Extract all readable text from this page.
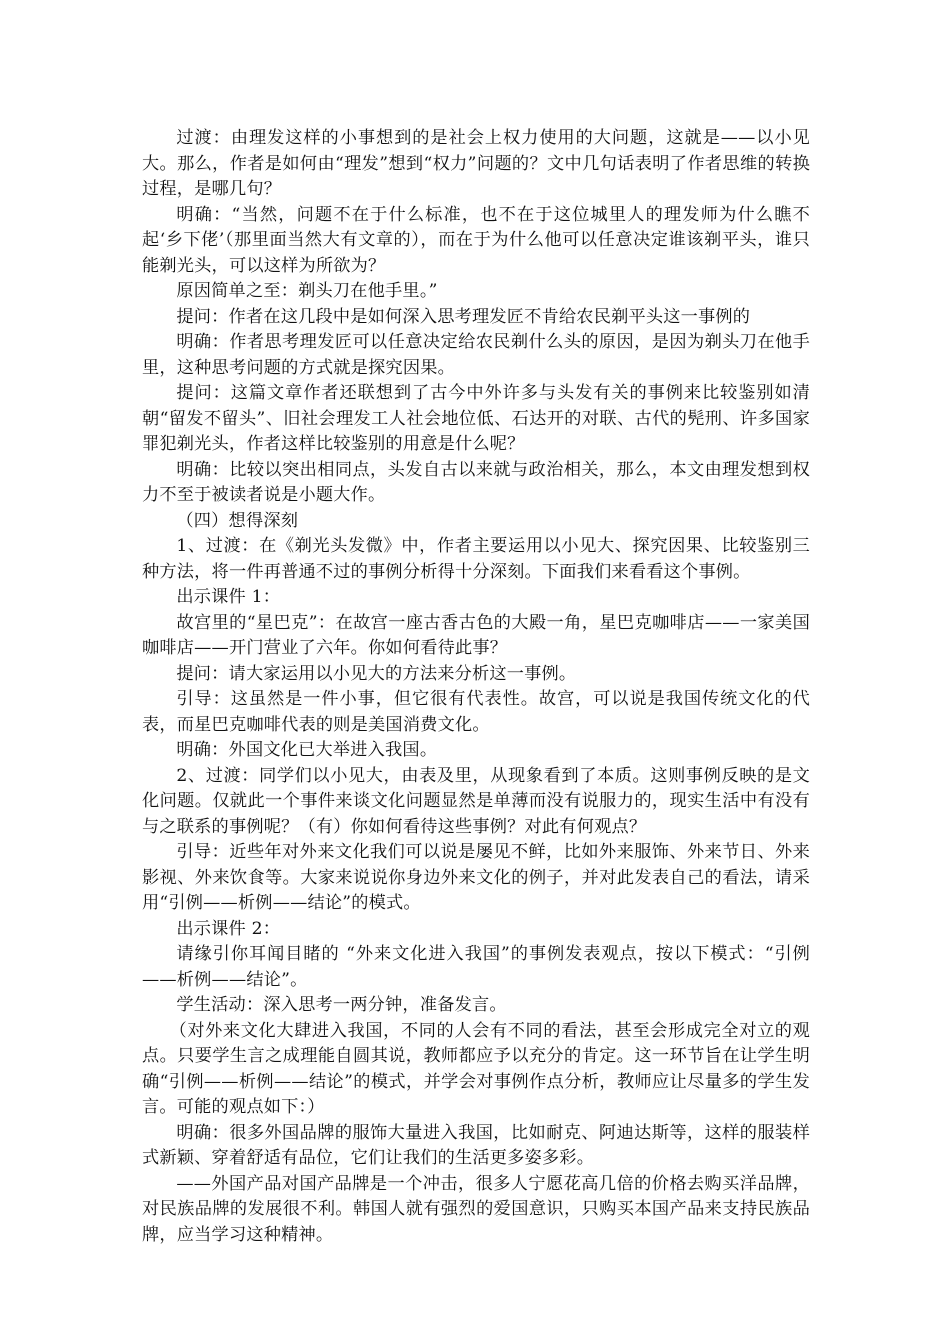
过渡：由理发这样的小事想到的是社会上权力使用的大问题，这就是——以小见大。那么，作者是如何由“理发”想到“权力”问题的？文中几句话表明了作者思维的转换过程，是哪几句？

明确：“当然，问题不在于什么标准，也不在于这位城里人的理发师为什么瞧不起‘乡下佬’（那里面当然大有文章的），而在于为什么他可以任意决定谁该剃平头，谁只能剃光头，可以这样为所欲为？

原因简单之至：剃头刀在他手里。”

提问：作者在这几段中是如何深入思考理发匠不肯给农民剃平头这一事例的

明确：作者思考理发匠可以任意决定给农民剃什么头的原因，是因为剃头刀在他手里，这种思考问题的方式就是探究因果。

提问：这篇文章作者还联想到了古今中外许多与头发有关的事例来比较鉴别如清朝“留发不留头”、旧社会理发工人社会地位低、石达开的对联、古代的髡刑、许多国家罪犯剃光头，作者这样比较鉴别的用意是什么呢？

明确：比较以突出相同点，头发自古以来就与政治相关，那么，本文由理发想到权力不至于被读者说是小题大作。

（四）想得深刻

1、过渡：在《剃光头发微》中，作者主要运用以小见大、探究因果、比较鉴别三种方法，将一件再普通不过的事例分析得十分深刻。下面我们来看看这个事例。

出示课件 1：

故宫里的“星巴克”：在故宫一座古香古色的大殿一角，星巴克咖啡店——一家美国咖啡店——开门营业了六年。你如何看待此事？

提问：请大家运用以小见大的方法来分析这一事例。

引导：这虽然是一件小事，但它很有代表性。故宫，可以说是我国传统文化的代表，而星巴克咖啡代表的则是美国消费文化。

明确：外国文化已大举进入我国。

2、过渡：同学们以小见大，由表及里，从现象看到了本质。这则事例反映的是文化问题。仅就此一个事件来谈文化问题显然是单薄而没有说服力的，现实生活中有没有与之联系的事例呢？（有）你如何看待这些事例？对此有何观点？

引导：近些年对外来文化我们可以说是屡见不鲜，比如外来服饰、外来节日、外来影视、外来饮食等。大家来说说你身边外来文化的例子，并对此发表自己的看法，请采用“引例——析例——结论”的模式。

出示课件 2：

请缘引你耳闻目睹的 “外来文化进入我国”的事例发表观点，按以下模式：“引例——析例——结论”。

学生活动：深入思考一两分钟，准备发言。

（对外来文化大肆进入我国，不同的人会有不同的看法，甚至会形成完全对立的观点。只要学生言之成理能自圆其说，教师都应予以充分的肯定。这一环节旨在让学生明确“引例——析例——结论”的模式，并学会对事例作点分析，教师应让尽量多的学生发言。可能的观点如下：）

明确：很多外国品牌的服饰大量进入我国，比如耐克、阿迪达斯等，这样的服装样式新颖、穿着舒适有品位，它们让我们的生活更多姿多彩。

——外国产品对国产品牌是一个冲击，很多人宁愿花高几倍的价格去购买洋品牌，对民族品牌的发展很不利。韩国人就有强烈的爱国意识，只购买本国产品来支持民族品牌，应当学习这种精神。
